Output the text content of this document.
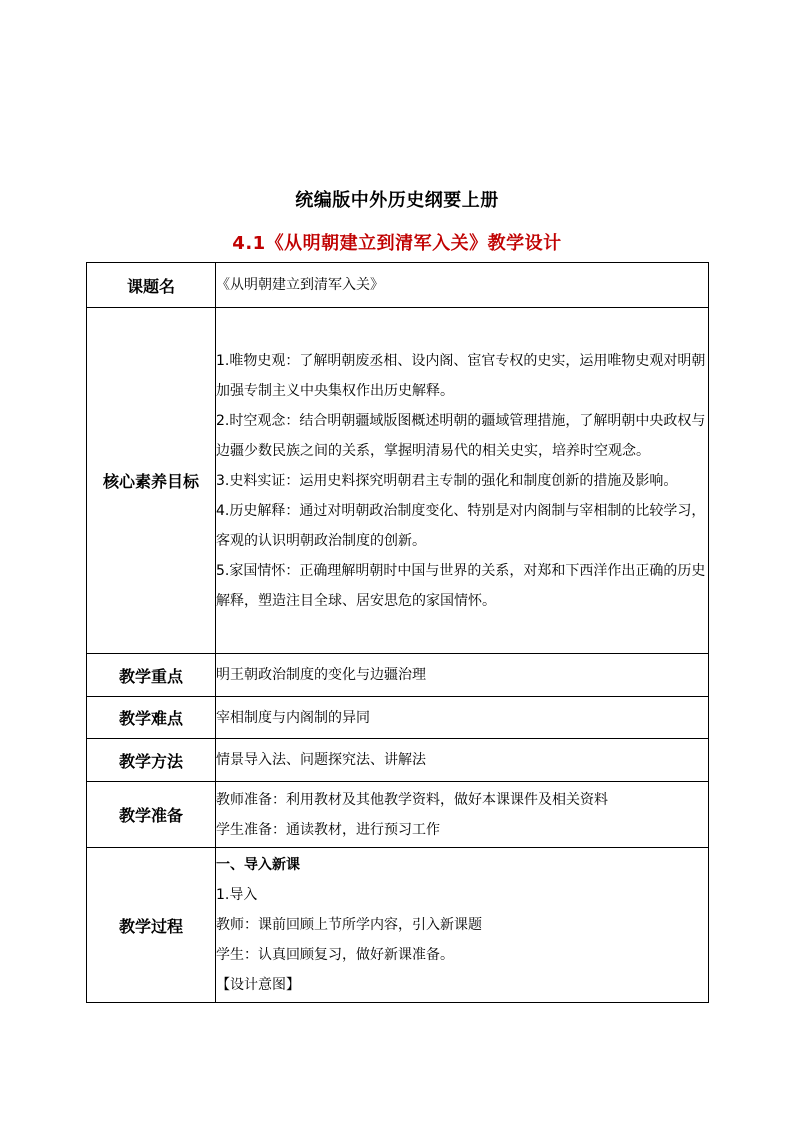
统编版中外历史纲要上册
4.1《从明朝建立到清军入关》教学设计
课题名	《从明朝建立到清军入关》
核心素养目标	1.唯物史观：了解明朝废丞相、设内阁、宦官专权的史实，运用唯物史观对明朝加强专制主义中央集权作出历史解释。

2.时空观念：结合明朝疆域版图概述明朝的疆域管理措施，了解明朝中央政权与边疆少数民族之间的关系，掌握明清易代的相关史实，培养时空观念。

3.史料实证：运用史料探究明朝君主专制的强化和制度创新的措施及影响。

4.历史解释：通过对明朝政治制度变化、特别是对内阁制与宰相制的比较学习，客观的认识明朝政治制度的创新。

5.家国情怀：正确理解明朝时中国与世界的关系，对郑和下西洋作出正确的历史解释，塑造注目全球、居安思危的家国情怀。

教学重点	明王朝政治制度的变化与边疆治理
教学难点	宰相制度与内阁制的异同
教学方法	情景导入法、问题探究法、讲解法
教学准备	教师准备：利用教材及其他教学资料，做好本课课件及相关资料

学生准备：通读教材，进行预习工作

教学过程	一、导入新课

1.导入

教师：课前回顾上节所学内容，引入新课题

学生：认真回顾复习，做好新课准备。

【设计意图】
